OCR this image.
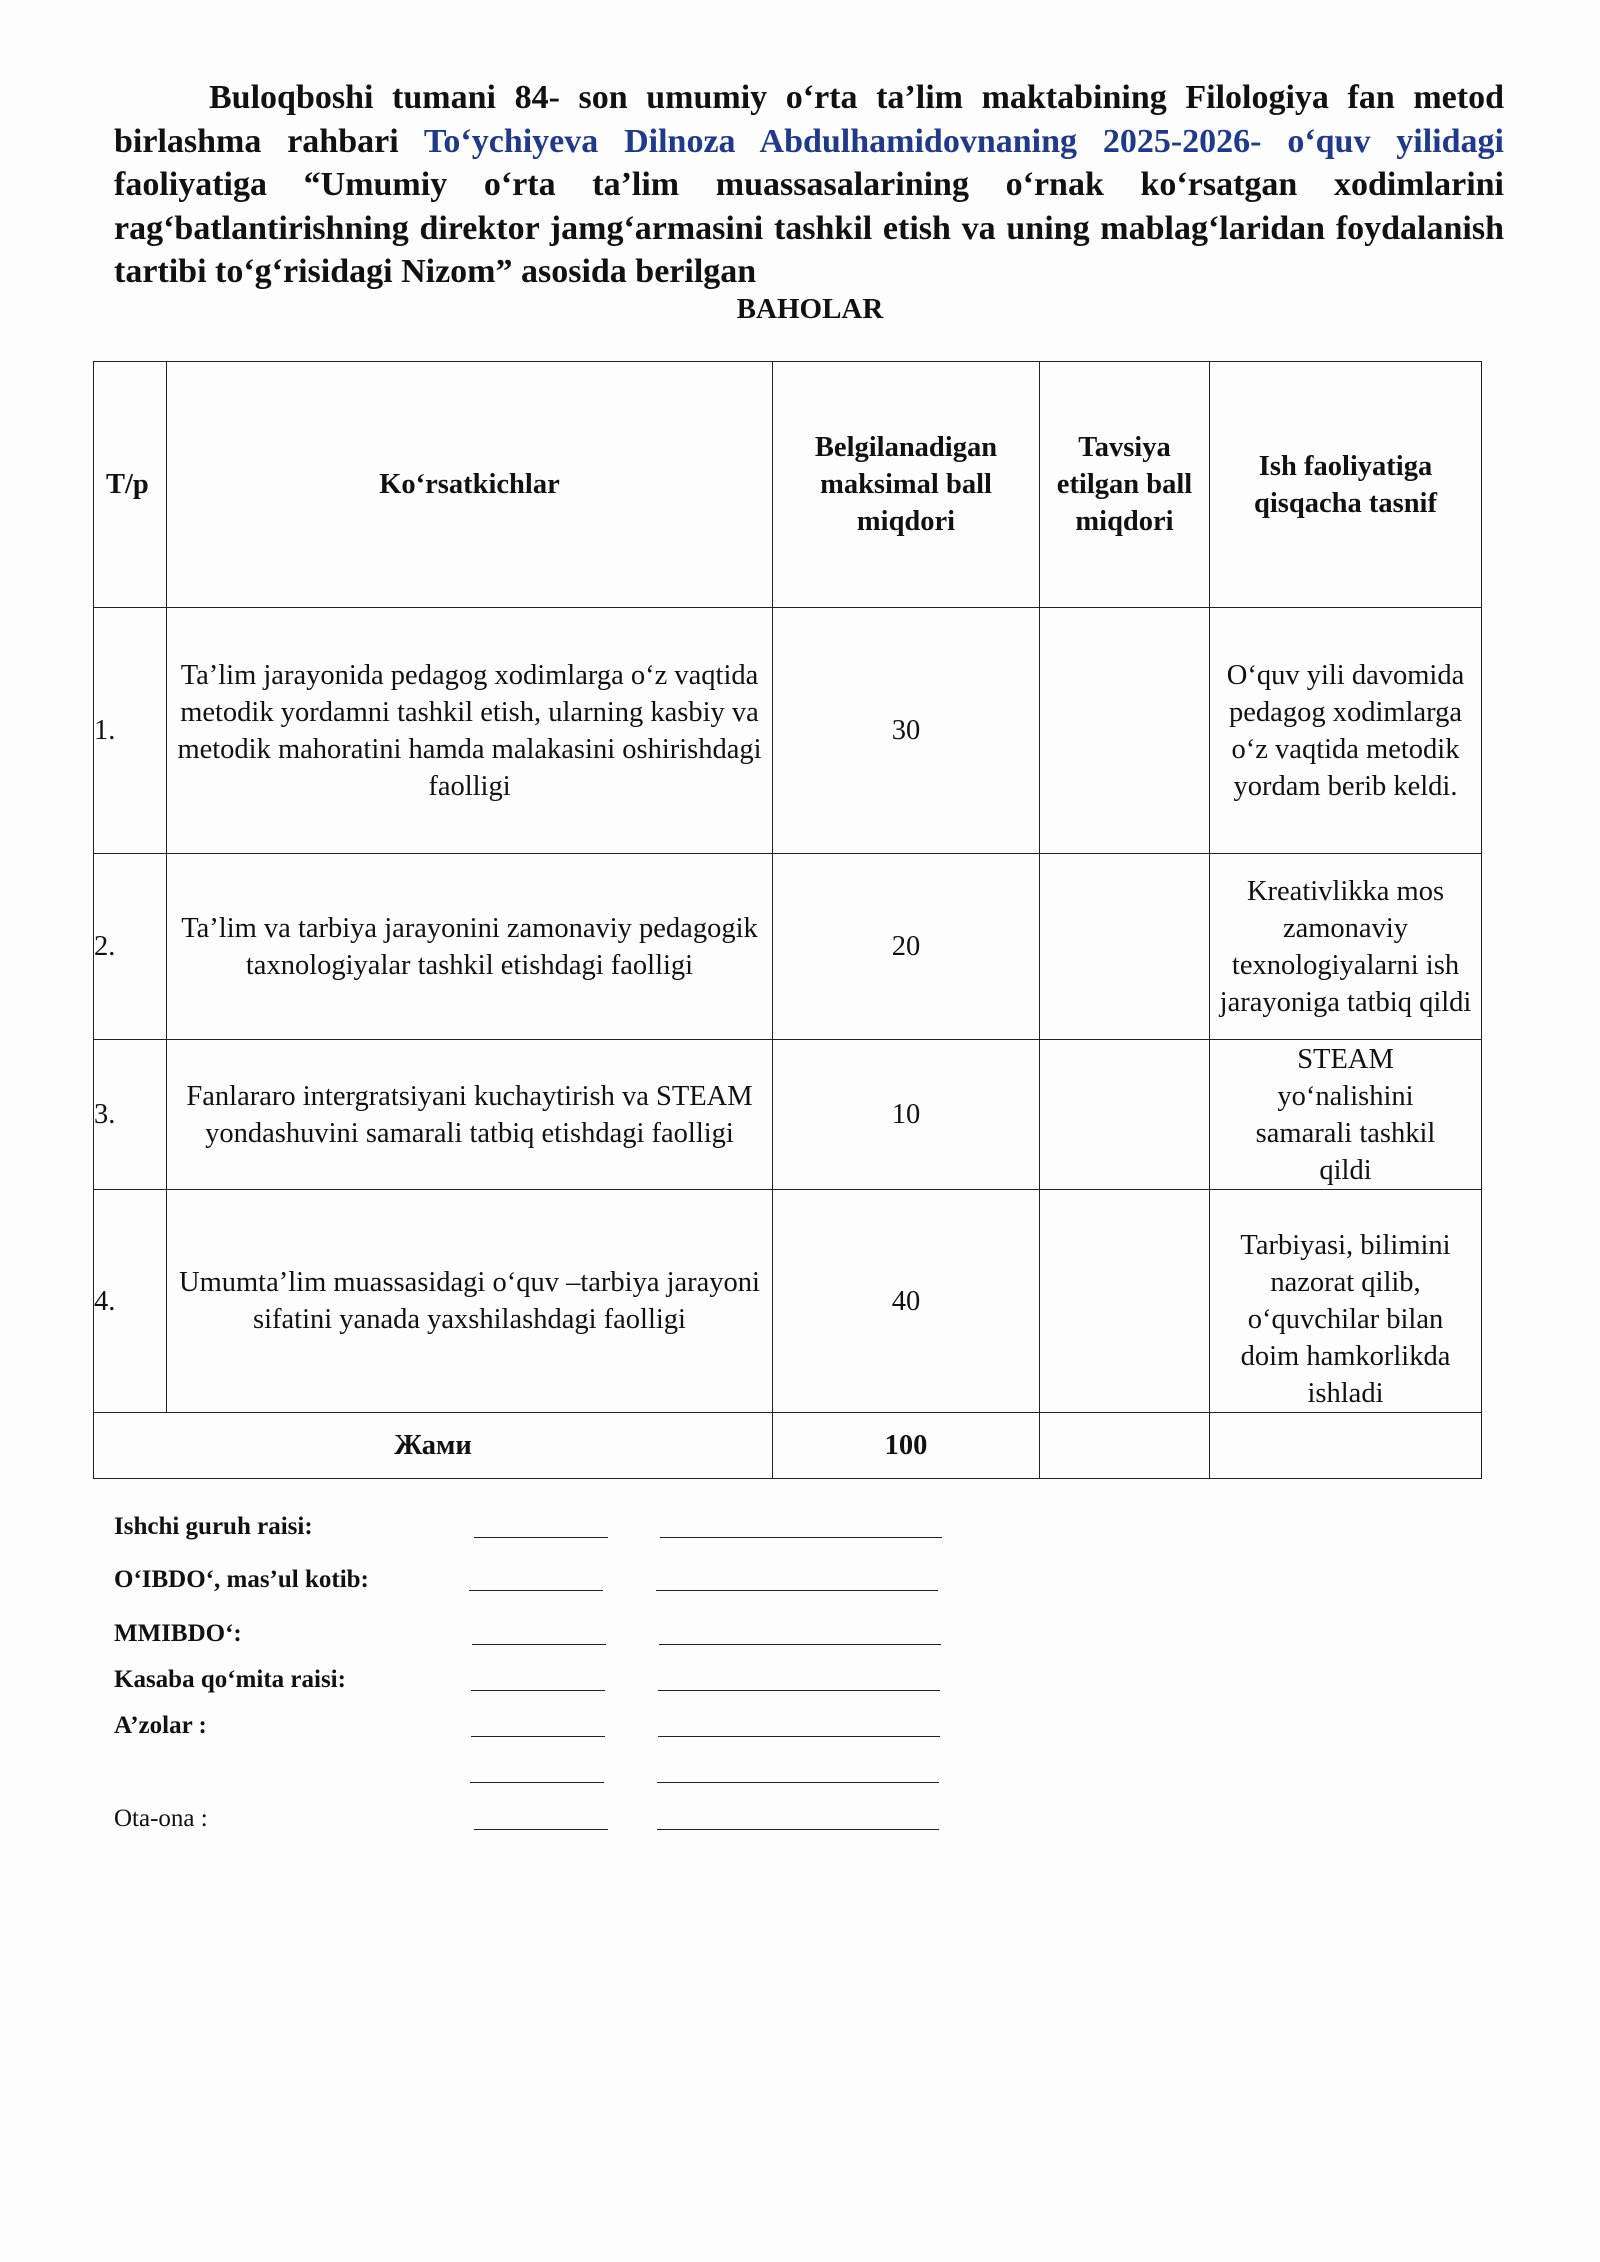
Buloqboshi tumani 84- son umumiy oʻrta ta’lim maktabining Filologiya fan metod birlashma rahbari Toʻychiyeva Dilnoza Abdulhamidovnaning 2025-2026- oʻquv yilidagi faoliyatiga “Umumiy oʻrta ta’lim muassasalarining oʻrnak koʻrsatgan xodimlarini ragʻbatlantirishning direktor jamgʻarmasini tashkil etish va uning mablagʻlaridan foydalanish tartibi toʻgʻrisidagi Nizom” asosida berilgan
BAHOLAR
T/p	Koʻrsatkichlar	Belgilanadigan maksimal ball miqdori	Tavsiya etilgan ball miqdori	Ish faoliyatiga qisqacha tasnif
1.	Ta’lim jarayonida pedagog xodimlarga oʻz vaqtida metodik yordamni tashkil etish, ularning kasbiy va metodik mahoratini hamda malakasini oshirishdagi faolligi	30		Oʻquv yili davomida pedagog xodimlarga oʻz vaqtida metodik yordam berib keldi.
2.	Ta’lim va tarbiya jarayonini zamonaviy pedagogik taxnologiyalar tashkil etishdagi faolligi	20		Kreativlikka mos zamonaviy texnologiyalarni ish jarayoniga tatbiq qildi
3.	Fanlararo intergratsiyani kuchaytirish va STEAM yondashuvini samarali tatbiq etishdagi faolligi	10		STEAM yoʻnalishini samarali tashkil qildi
4.	Umumta’lim muassasidagi oʻquv –tarbiya jarayoni sifatini yanada yaxshilashdagi faolligi	40		Tarbiyasi, bilimini nazorat qilib, oʻquvchilar bilan doim hamkorlikda ishladi
Жами		100		
Ishchi guruh raisi:
OʻIBDOʻ, mas’ul kotib:
MMIBDOʻ:
Kasaba qoʻmita raisi:
A’zolar :
Ota-ona :
